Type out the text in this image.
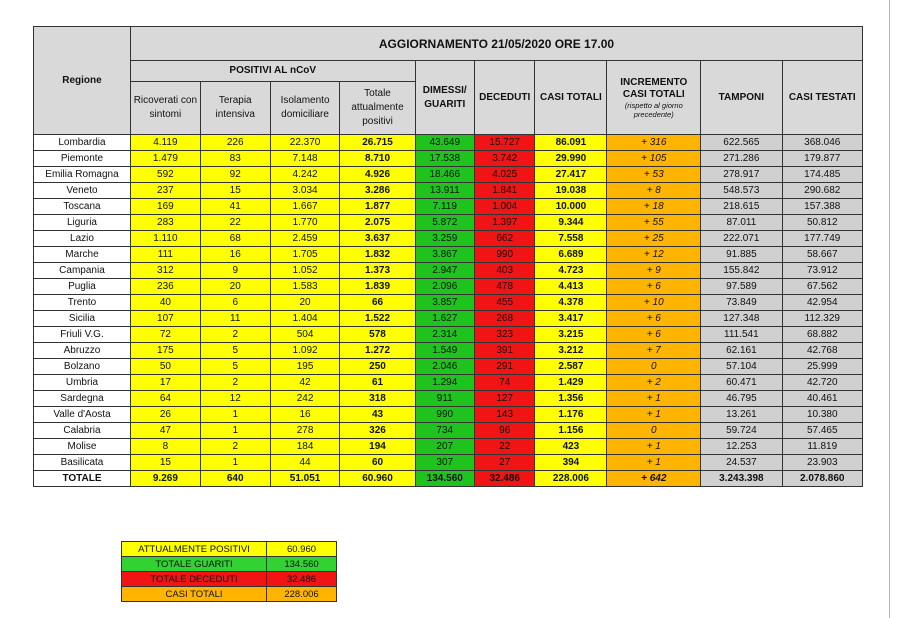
Regione	AGGIORNAMENTO 21/05/2020 ORE 17.00									
	POSITIVI AL nCoV				DIMESSI/ GUARITI	DECEDUTI	CASI TOTALI	INCREMENTO CASI TOTALI
(rispetto al giorno precedente)	TAMPONI	CASI TESTATI
	Ricoverati con sintomi	Terapia intensiva	Isolamento domiciliare	Totale attualmente positivi						
Lombardia	4.119	226	22.370	26.715	43.649	15.727	86.091	+ 316	622.565	368.046
Piemonte	1.479	83	7.148	8.710	17.538	3.742	29.990	+ 105	271.286	179.877
Emilia Romagna	592	92	4.242	4.926	18.466	4.025	27.417	+ 53	278.917	174.485
Veneto	237	15	3.034	3.286	13.911	1.841	19.038	+ 8	548.573	290.682
Toscana	169	41	1.667	1.877	7.119	1.004	10.000	+ 18	218.615	157.388
Liguria	283	22	1.770	2.075	5.872	1.397	9.344	+ 55	87.011	50.812
Lazio	1.110	68	2.459	3.637	3.259	662	7.558	+ 25	222.071	177.749
Marche	111	16	1.705	1.832	3.867	990	6.689	+ 12	91.885	58.667
Campania	312	9	1.052	1.373	2.947	403	4.723	+ 9	155.842	73.912
Puglia	236	20	1.583	1.839	2.096	478	4.413	+ 6	97.589	67.562
Trento	40	6	20	66	3.857	455	4.378	+ 10	73.849	42.954
Sicilia	107	11	1.404	1.522	1.627	268	3.417	+ 6	127.348	112.329
Friuli V.G.	72	2	504	578	2.314	323	3.215	+ 6	111.541	68.882
Abruzzo	175	5	1.092	1.272	1.549	391	3.212	+ 7	62.161	42.768
Bolzano	50	5	195	250	2.046	291	2.587	0	57.104	25.999
Umbria	17	2	42	61	1.294	74	1.429	+ 2	60.471	42.720
Sardegna	64	12	242	318	911	127	1.356	+ 1	46.795	40.461
Valle d'Aosta	26	1	16	43	990	143	1.176	+ 1	13.261	10.380
Calabria	47	1	278	326	734	96	1.156	0	59.724	57.465
Molise	8	2	184	194	207	22	423	+ 1	12.253	11.819
Basilicata	15	1	44	60	307	27	394	+ 1	24.537	23.903
TOTALE	9.269	640	51.051	60.960	134.560	32.486	228.006	+ 642	3.243.398	2.078.860
ATTUALMENTE POSITIVI	60.960
TOTALE GUARITI	134.560
TOTALE DECEDUTI	32.486
CASI TOTALI	228.006
